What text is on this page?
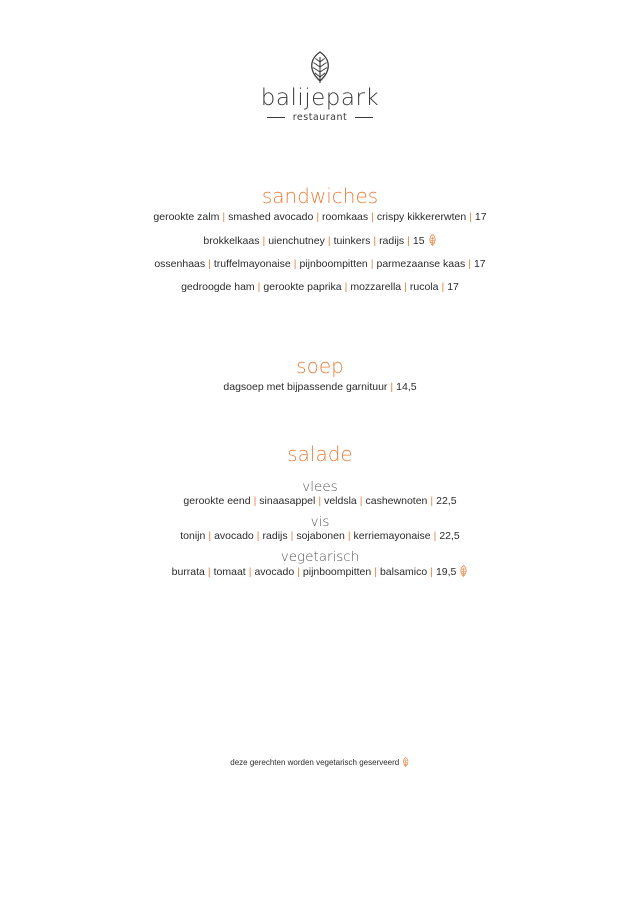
balijepark
restaurant
sandwiches
gerookte zalm | smashed avocado | roomkaas | crispy kikkererwten | 17
brokkelkaas | uienchutney | tuinkers | radijs | 15
ossenhaas | truffelmayonaise | pijnboompitten | parmezaanse kaas | 17
gedroogde ham | gerookte paprika | mozzarella | rucola | 17
soep
dagsoep met bijpassende garnituur | 14,5
salade
vlees
gerookte eend | sinaasappel | veldsla | cashewnoten | 22,5
vis
tonijn | avocado | radijs | sojabonen | kerriemayonaise | 22,5
vegetarisch
burrata | tomaat | avocado | pijnboompitten | balsamico | 19,5
deze gerechten worden vegetarisch geserveerd
